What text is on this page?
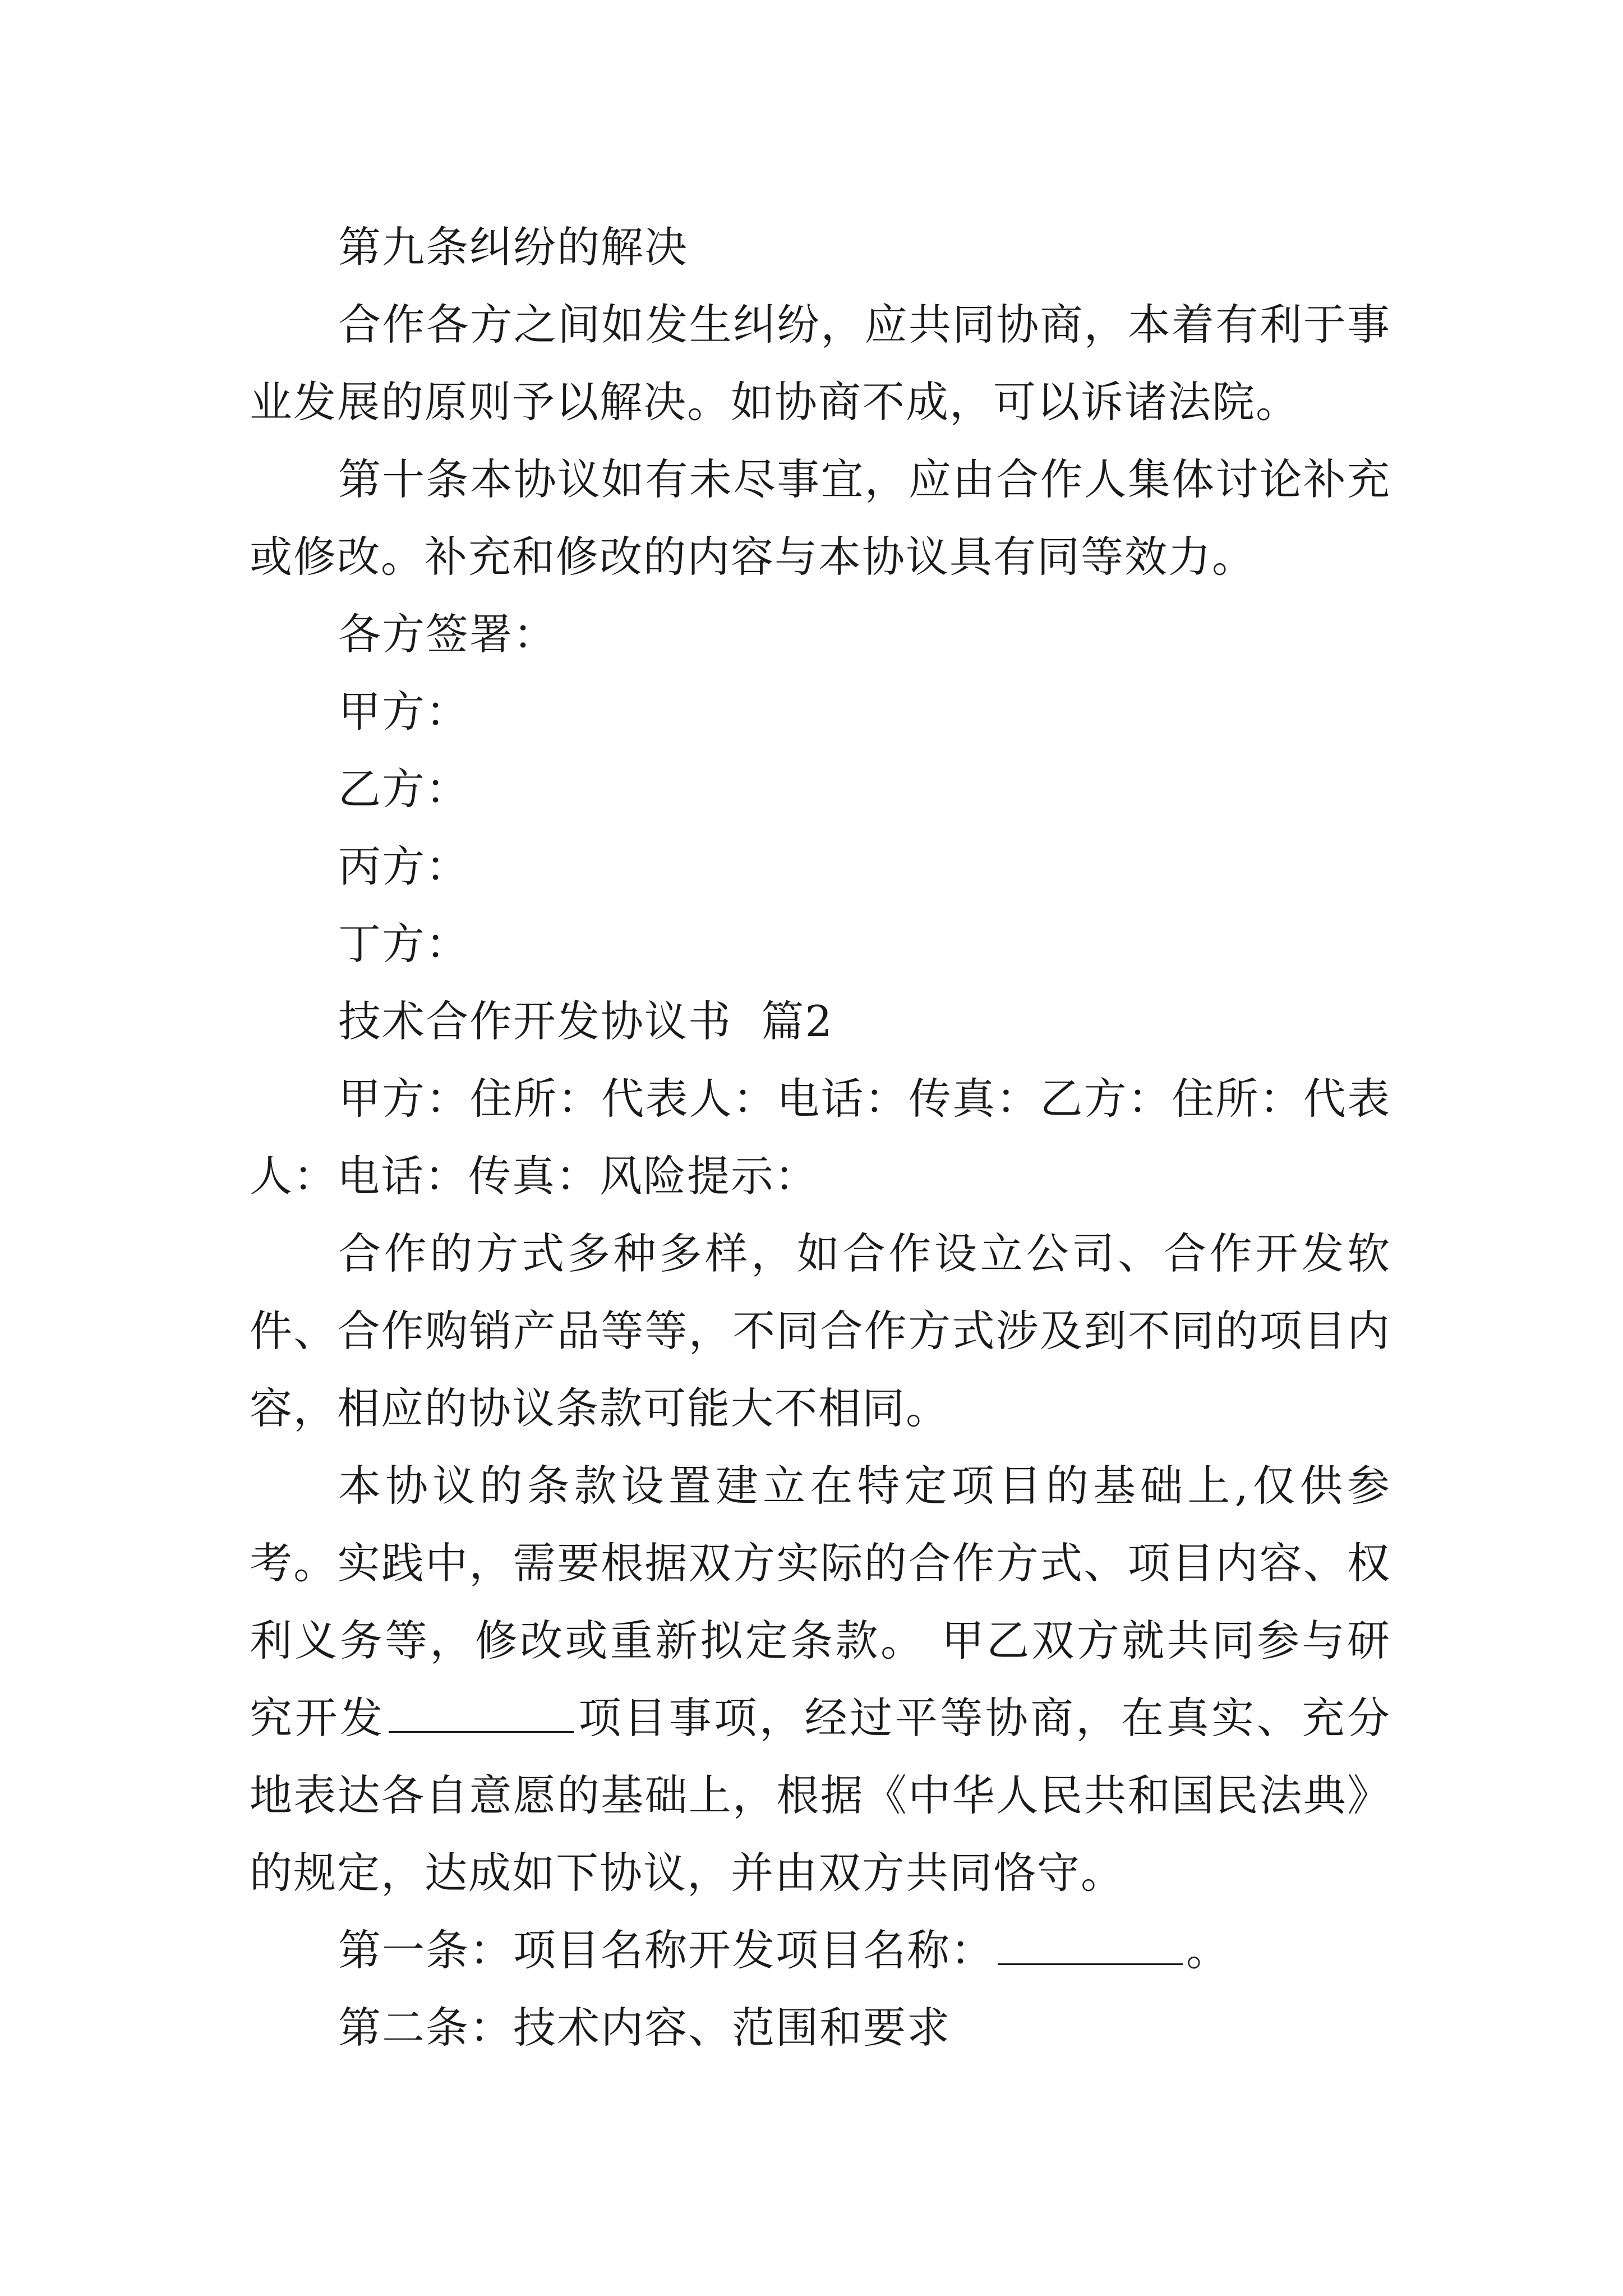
第九条纠纷的解决

合作各方之间如发生纠纷，应共同协商，本着有利于事业发展的原则予以解决。如协商不成，可以诉诸法院。

第十条本协议如有未尽事宜，应由合作人集体讨论补充或修改。补充和修改的内容与本协议具有同等效力。

各方签署：

甲方：

乙方：

丙方：

丁方：

技术合作开发协议书  篇2

甲方：住所：代表人：电话：传真：乙方：住所：代表人：电话：传真：风险提示：

合作的方式多种多样，如合作设立公司、合作开发软件、合作购销产品等等，不同合作方式涉及到不同的项目内容，相应的协议条款可能大不相同。

本协议的条款设置建立在特定项目的基础上,仅供参考。实践中，需要根据双方实际的合作方式、项目内容、权利义务等，修改或重新拟定条款。 甲乙双方就共同参与研究开发	项目事项，经过平等协商，在真实、充分地表达各自意愿的基础上，根据《中华人民共和国民法典》的规定，达成如下协议，并由双方共同恪守。

第一条：项目名称开发项目名称：	。

第二条：技术内容、范围和要求
